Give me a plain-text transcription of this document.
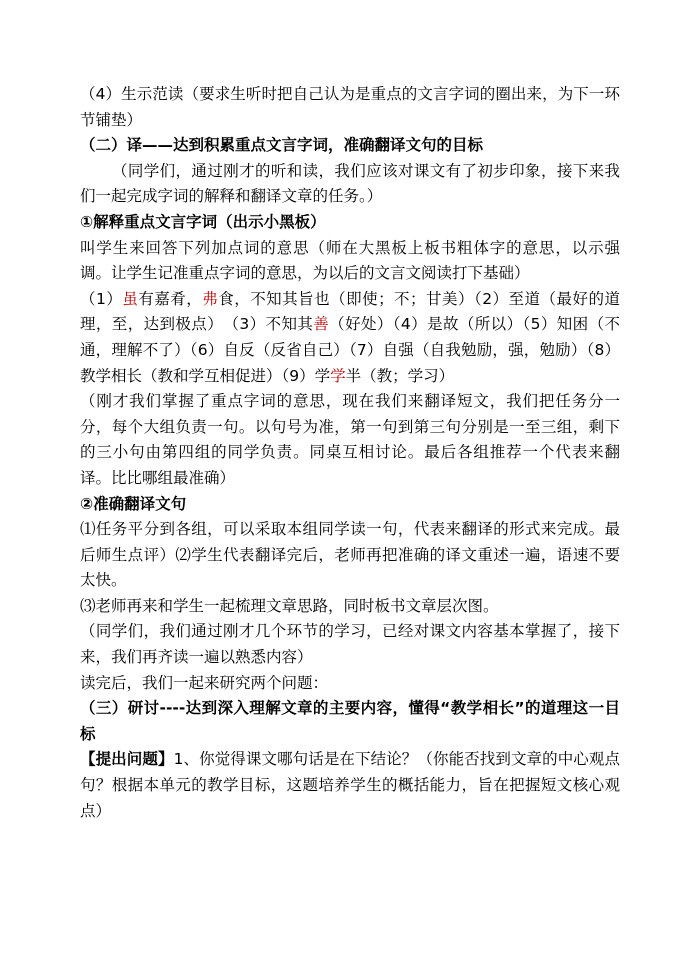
（4）生示范读（要求生听时把自己认为是重点的文言字词的圈出来，为下一环节铺垫）

（二）译——达到积累重点文言字词，准确翻译文句的目标

（同学们，通过刚才的听和读，我们应该对课文有了初步印象，接下来我们一起完成字词的解释和翻译文章的任务。）

①解释重点文言字词（出示小黑板）

叫学生来回答下列加点词的意思（师在大黑板上板书粗体字的意思，以示强调。让学生记准重点字词的意思，为以后的文言文阅读打下基础）

（1）虽有嘉肴，弗食，不知其旨也（即使；不；甘美）（2）至道（最好的道理，至，达到极点）　（3）不知其善（好处）（4）是故（所以）（5）知困（不通，理解不了）（6）自反（反省自己）（7）自强（自我勉励，强，勉励）（8）教学相长（教和学互相促进）（9）学学半（教；学习）

（刚才我们掌握了重点字词的意思，现在我们来翻译短文，我们把任务分一分，每个大组负责一句。以句号为准，第一句到第三句分别是一至三组，剩下的三小句由第四组的同学负责。同桌互相讨论。最后各组推荐一个代表来翻译。比比哪组最准确）

②准确翻译文句

⑴任务平分到各组，可以采取本组同学读一句，代表来翻译的形式来完成。最后师生点评）⑵学生代表翻译完后，老师再把准确的译文重述一遍，语速不要太快。

⑶老师再来和学生一起梳理文章思路，同时板书文章层次图。

（同学们，我们通过刚才几个环节的学习，已经对课文内容基本掌握了，接下来，我们再齐读一遍以熟悉内容）

读完后，我们一起来研究两个问题：

（三）研讨----达到深入理解文章的主要内容，懂得“教学相长”的道理这一目标

【提出问题】1、你觉得课文哪句话是在下结论？（你能否找到文章的中心观点句？根据本单元的教学目标，这题培养学生的概括能力，旨在把握短文核心观点）
